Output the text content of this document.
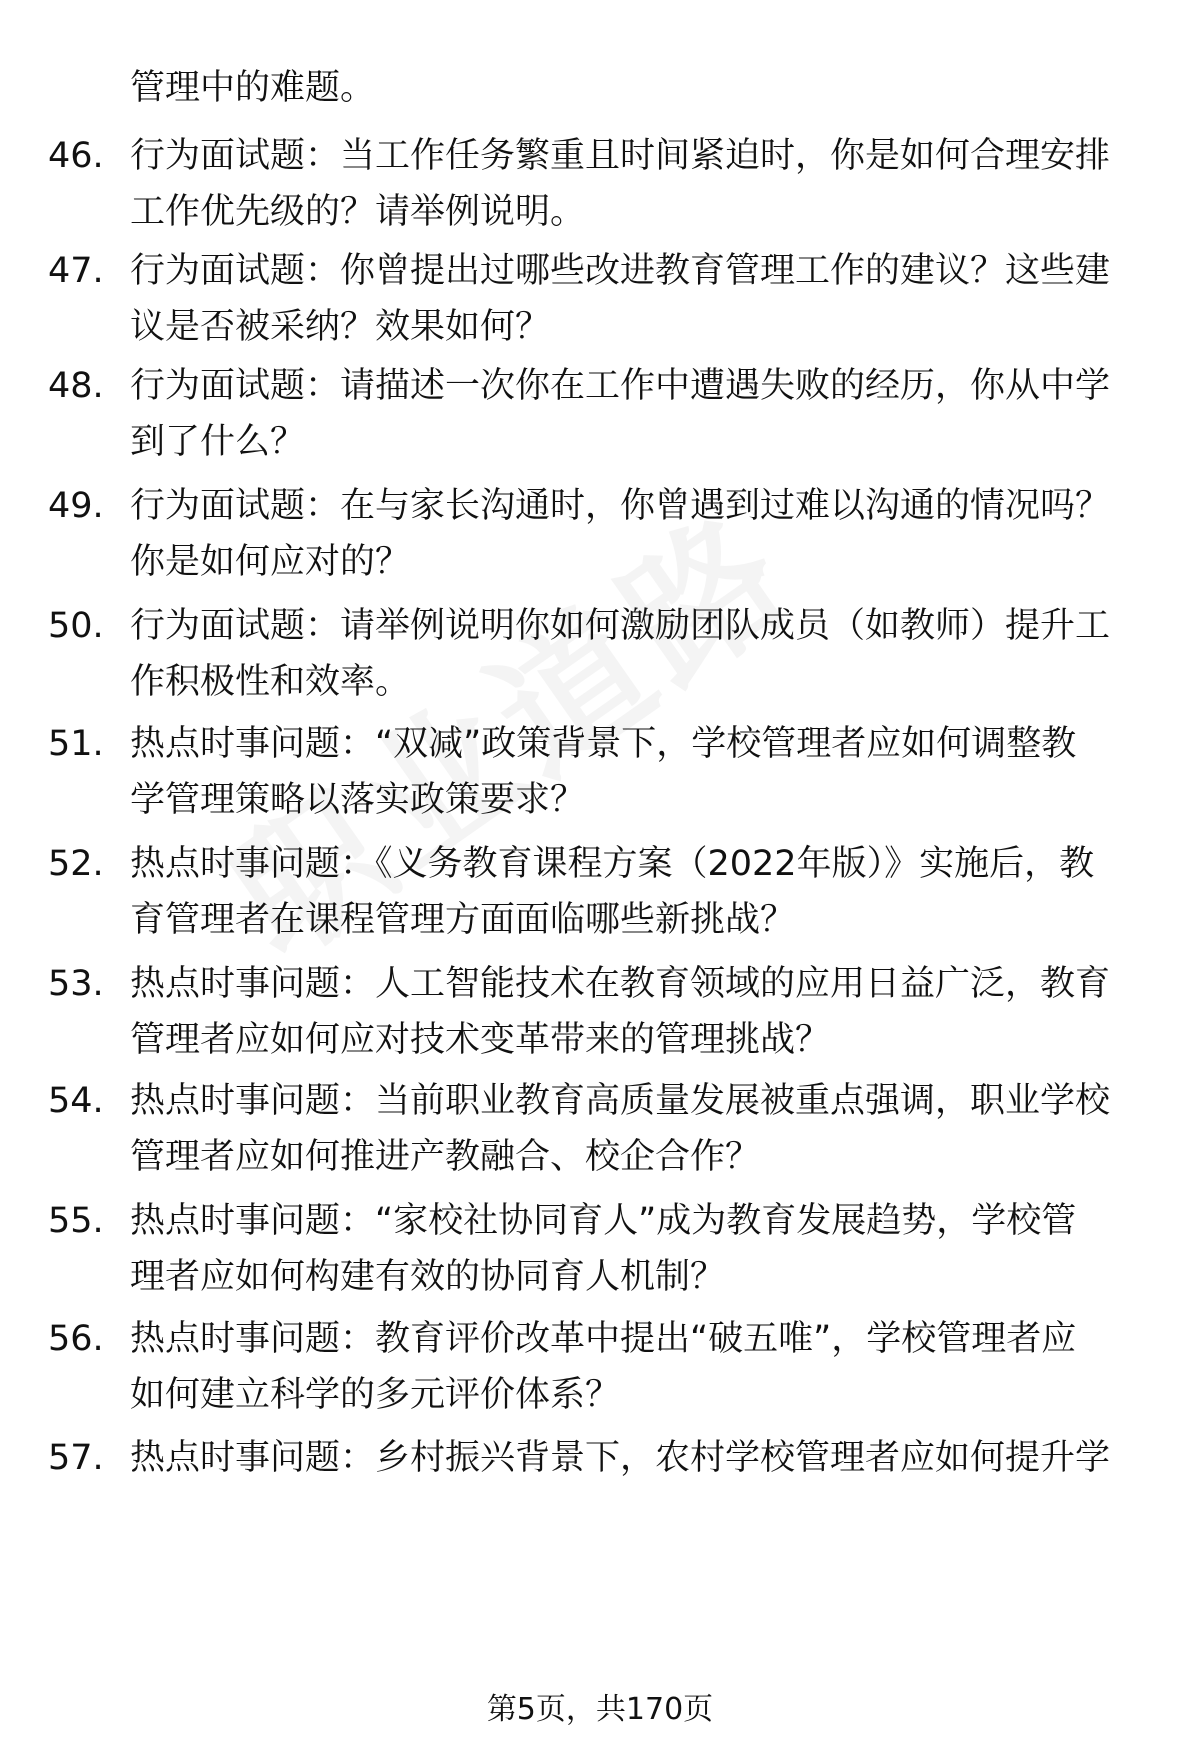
管理中的难题。
46. 行为面试题：当工作任务繁重且时间紧迫时，你是如何合理安排
工作优先级的？请举例说明。
47. 行为面试题：你曾提出过哪些改进教育管理工作的建议？这些建
议是否被采纳？效果如何？
48. 行为面试题：请描述一次你在工作中遭遇失败的经历，你从中学
到了什么？
49. 行为面试题：在与家长沟通时，你曾遇到过难以沟通的情况吗？
你是如何应对的？
50. 行为面试题：请举例说明你如何激励团队成员（如教师）提升工
作积极性和效率。
51. 热点时事问题：“双减”政策背景下，学校管理者应如何调整教
学管理策略以落实政策要求？
52. 热点时事问题：《义务教育课程方案（2022年版）》实施后，教
育管理者在课程管理方面面临哪些新挑战？
53. 热点时事问题：人工智能技术在教育领域的应用日益广泛，教育
管理者应如何应对技术变革带来的管理挑战？
54. 热点时事问题：当前职业教育高质量发展被重点强调，职业学校
管理者应如何推进产教融合、校企合作？
55. 热点时事问题：“家校社协同育人”成为教育发展趋势，学校管
理者应如何构建有效的协同育人机制？
56. 热点时事问题：教育评价改革中提出“破五唯”，学校管理者应
如何建立科学的多元评价体系？
57. 热点时事问题：乡村振兴背景下，农村学校管理者应如何提升学
第5页，共170页
